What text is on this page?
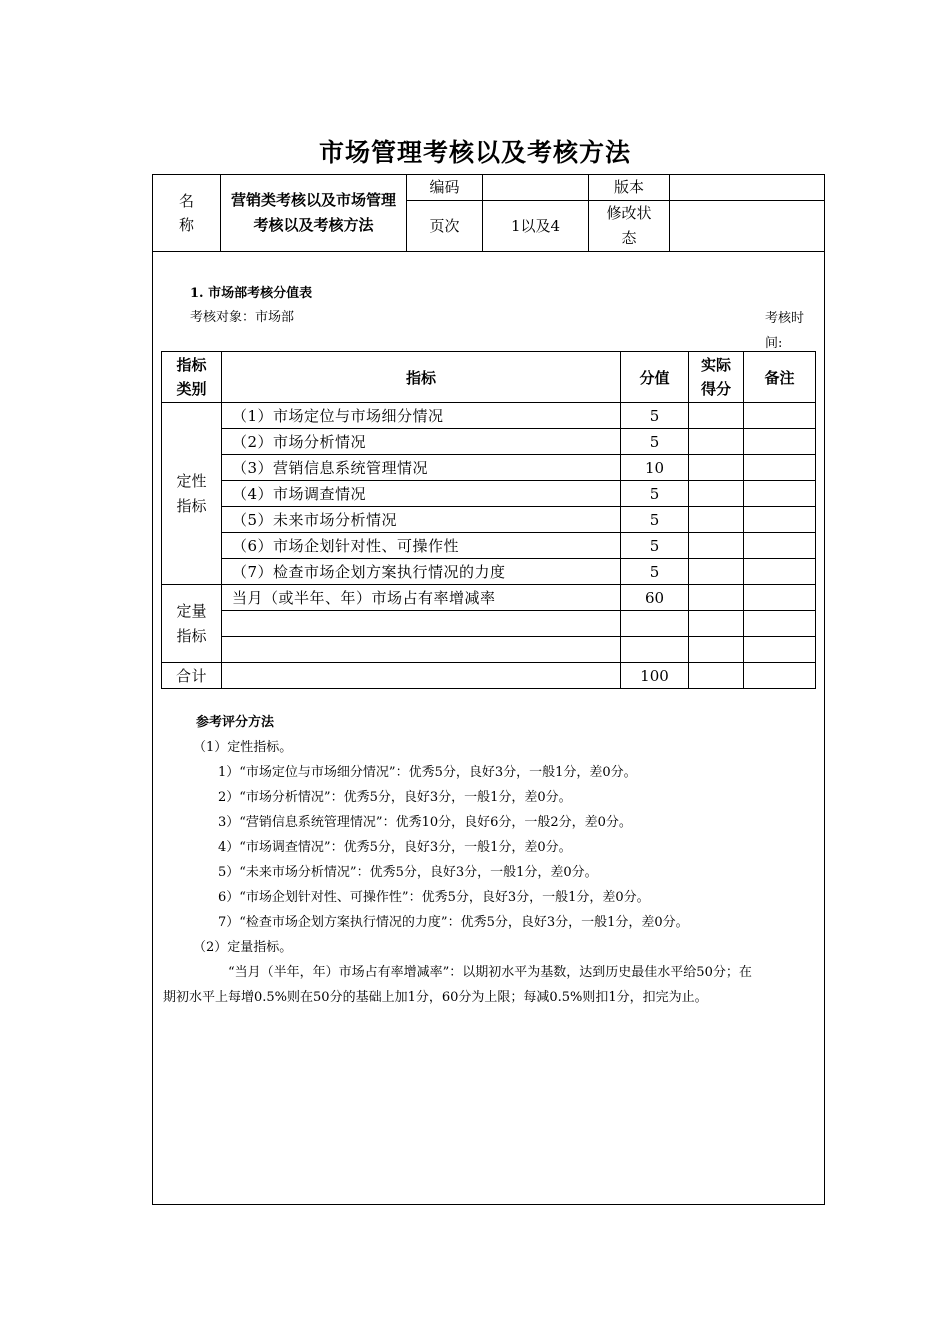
市场管理考核以及考核方法
名称	营销类考核以及市场管理考核以及考核方法	编码		版本	
		页次	1以及4	修改状态	

1. 市场部考核分值表
考核对象：市场部	考核时间:
指标类别	指标	分值	实际得分	备注

定性指标	（1）市场定位与市场细分情况	5		
	（2）市场分析情况	5		
	（3）营销信息系统管理情况	10		
	（4）市场调查情况	5		
	（5）未来市场分析情况	5		
	（6）市场企划针对性、可操作性	5		
	（7）检查市场企划方案执行情况的力度	5		

定量指标	当月（或半年、年）市场占有率增减率	60		

合计		100		
参考评分方法
（1）定性指标。
1）“市场定位与市场细分情况”：优秀5分，良好3分，一般1分，差0分。
2）“市场分析情况”：优秀5分，良好3分，一般1分，差0分。
3）“营销信息系统管理情况”：优秀10分，良好6分，一般2分，差0分。
4）“市场调查情况”：优秀5分，良好3分，一般1分，差0分。
5）“未来市场分析情况”：优秀5分，良好3分，一般1分，差0分。
6）“市场企划针对性、可操作性”：优秀5分，良好3分，一般1分，差0分。
7）“检查市场企划方案执行情况的力度”：优秀5分，良好3分，一般1分，差0分。
（2）定量指标。
“当月（半年，年）市场占有率增减率”：以期初水平为基数，达到历史最佳水平给50分；在
期初水平上每增0.5%则在50分的基础上加1分，60分为上限；每减0.5%则扣1分，扣完为止。
